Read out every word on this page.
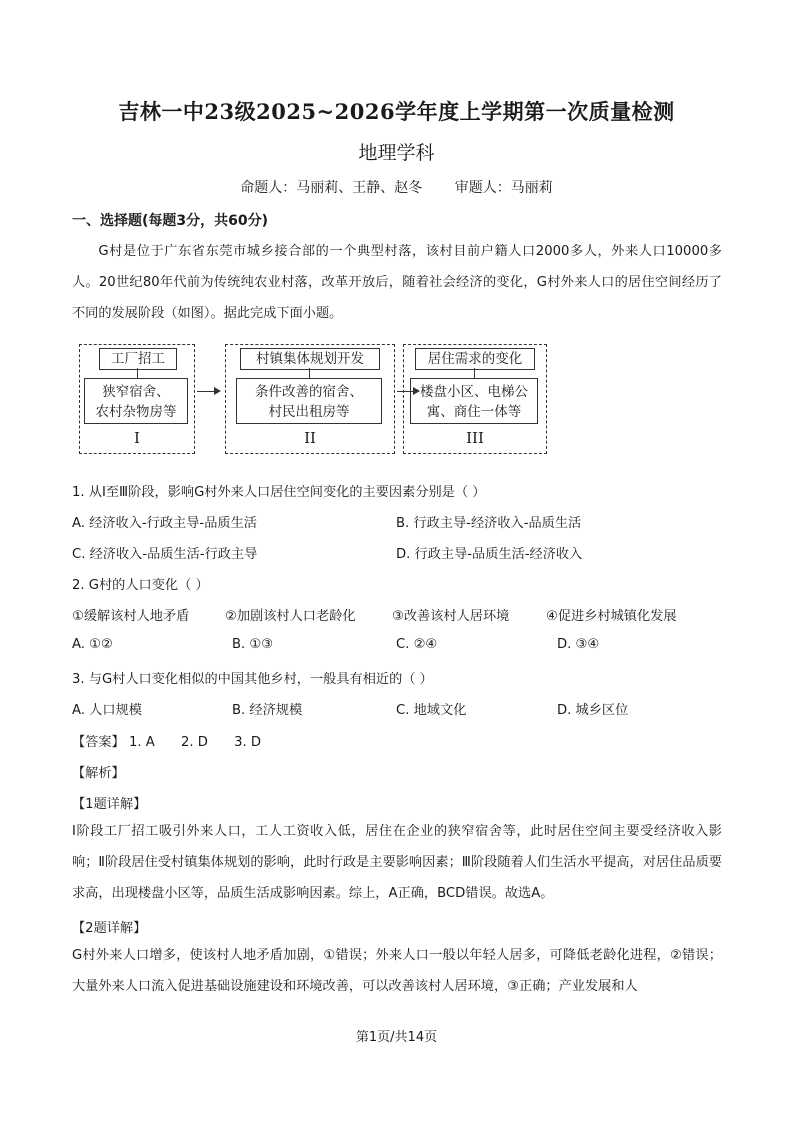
吉林一中23级2025~2026学年度上学期第一次质量检测
地理学科
命题人：马丽莉、王静、赵冬 审题人：马丽莉
一、选择题(每题3分，共60分)
G村是位于广东省东莞市城乡接合部的一个典型村落，该村目前户籍人口2000多人，外来人口10000多人。20世纪80年代前为传统纯农业村落，改革开放后，随着社会经济的变化，G村外来人口的居住空间经历了不同的发展阶段（如图）。据此完成下面小题。
工厂招工
狭窄宿舍、
农村杂物房等
I
村镇集体规划开发
条件改善的宿舍、
村民出租房等
II
居住需求的变化
楼盘小区、电梯公
寓、商住一体等
III
1. 从Ⅰ至Ⅲ阶段，影响G村外来人口居住空间变化的主要因素分别是（ ）
A. 经济收入-行政主导-品质生活	B. 行政主导-经济收入-品质生活
C. 经济收入-品质生活-行政主导	D. 行政主导-品质生活-经济收入
2. G村的人口变化（ ）
①缓解该村人地矛盾	②加剧该村人口老龄化	③改善该村人居环境	④促进乡村城镇化发展
A. ①②	B. ①③	C. ②④	D. ③④
3. 与G村人口变化相似的中国其他乡村，一般具有相近的（ ）
A. 人口规模	B. 经济规模	C. 地域文化	D. 城乡区位
【答案】 1. A 2. D 3. D
【解析】
【1题详解】
Ⅰ阶段工厂招工吸引外来人口，工人工资收入低，居住在企业的狭窄宿舍等，此时居住空间主要受经济收入影响；Ⅱ阶段居住受村镇集体规划的影响，此时行政是主要影响因素；Ⅲ阶段随着人们生活水平提高，对居住品质要求高，出现楼盘小区等，品质生活成影响因素。综上，A正确，BCD错误。故选A。
【2题详解】
G村外来人口增多，使该村人地矛盾加剧，①错误；外来人口一般以年轻人居多，可降低老龄化进程，②错误；大量外来人口流入促进基础设施建设和环境改善，可以改善该村人居环境，③正确；产业发展和人
第1页/共14页
